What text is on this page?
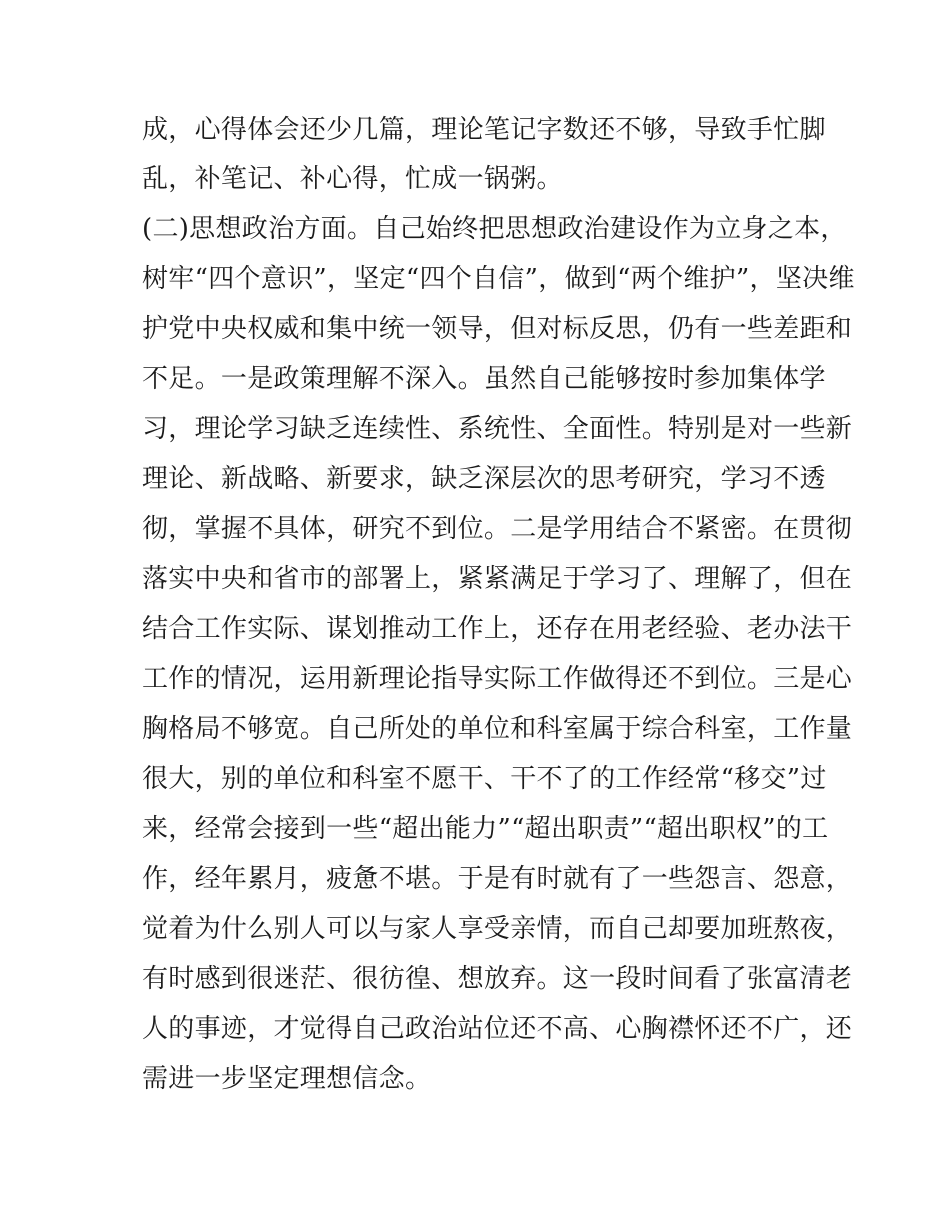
成，心得体会还少几篇，理论笔记字数还不够，导致手忙脚
乱，补笔记、补心得，忙成一锅粥。
(二)思想政治方面。自己始终把思想政治建设作为立身之本，
树牢“四个意识”，坚定“四个自信”，做到“两个维护”，坚决维
护党中央权威和集中统一领导，但对标反思，仍有一些差距和
不足。一是政策理解不深入。虽然自己能够按时参加集体学
习，理论学习缺乏连续性、系统性、全面性。特别是对一些新
理论、新战略、新要求，缺乏深层次的思考研究，学习不透
彻，掌握不具体，研究不到位。二是学用结合不紧密。在贯彻
落实中央和省市的部署上，紧紧满足于学习了、理解了，但在
结合工作实际、谋划推动工作上，还存在用老经验、老办法干
工作的情况，运用新理论指导实际工作做得还不到位。三是心
胸格局不够宽。自己所处的单位和科室属于综合科室，工作量
很大，别的单位和科室不愿干、干不了的工作经常“移交”过
来，经常会接到一些“超出能力”“超出职责”“超出职权”的工
作，经年累月，疲惫不堪。于是有时就有了一些怨言、怨意，
觉着为什么别人可以与家人享受亲情，而自己却要加班熬夜，
有时感到很迷茫、很彷徨、想放弃。这一段时间看了张富清老
人的事迹，才觉得自己政治站位还不高、心胸襟怀还不广，还
需进一步坚定理想信念。
